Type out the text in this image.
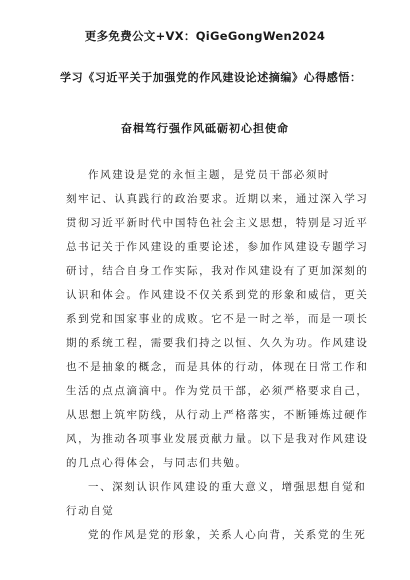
更多免费公文+VX：QiGeGongWen2024
学习《习近平关于加强党的作风建设论述摘编》心得感悟：
奋楫笃行强作风砥砺初心担使命
作风建设是党的永恒主题，是党员干部必须时
刻牢记、认真践行的政治要求。近期以来，通过深入学习
贯彻习近平新时代中国特色社会主义思想，特别是习近平
总书记关于作风建设的重要论述，参加作风建设专题学习
研讨，结合自身工作实际，我对作风建设有了更加深刻的
认识和体会。作风建设不仅关系到党的形象和威信，更关
系到党和国家事业的成败。它不是一时之举，而是一项长
期的系统工程，需要我们持之以恒、久久为功。作风建设
也不是抽象的概念，而是具体的行动，体现在日常工作和
生活的点点滴滴中。作为党员干部，必须严格要求自己，
从思想上筑牢防线，从行动上严格落实，不断锤炼过硬作
风，为推动各项事业发展贡献力量。以下是我对作风建设
的几点心得体会，与同志们共勉。
一、深刻认识作风建设的重大意义，增强思想自觉和
行动自觉
党的作风是党的形象，关系人心向背，关系党的生死
